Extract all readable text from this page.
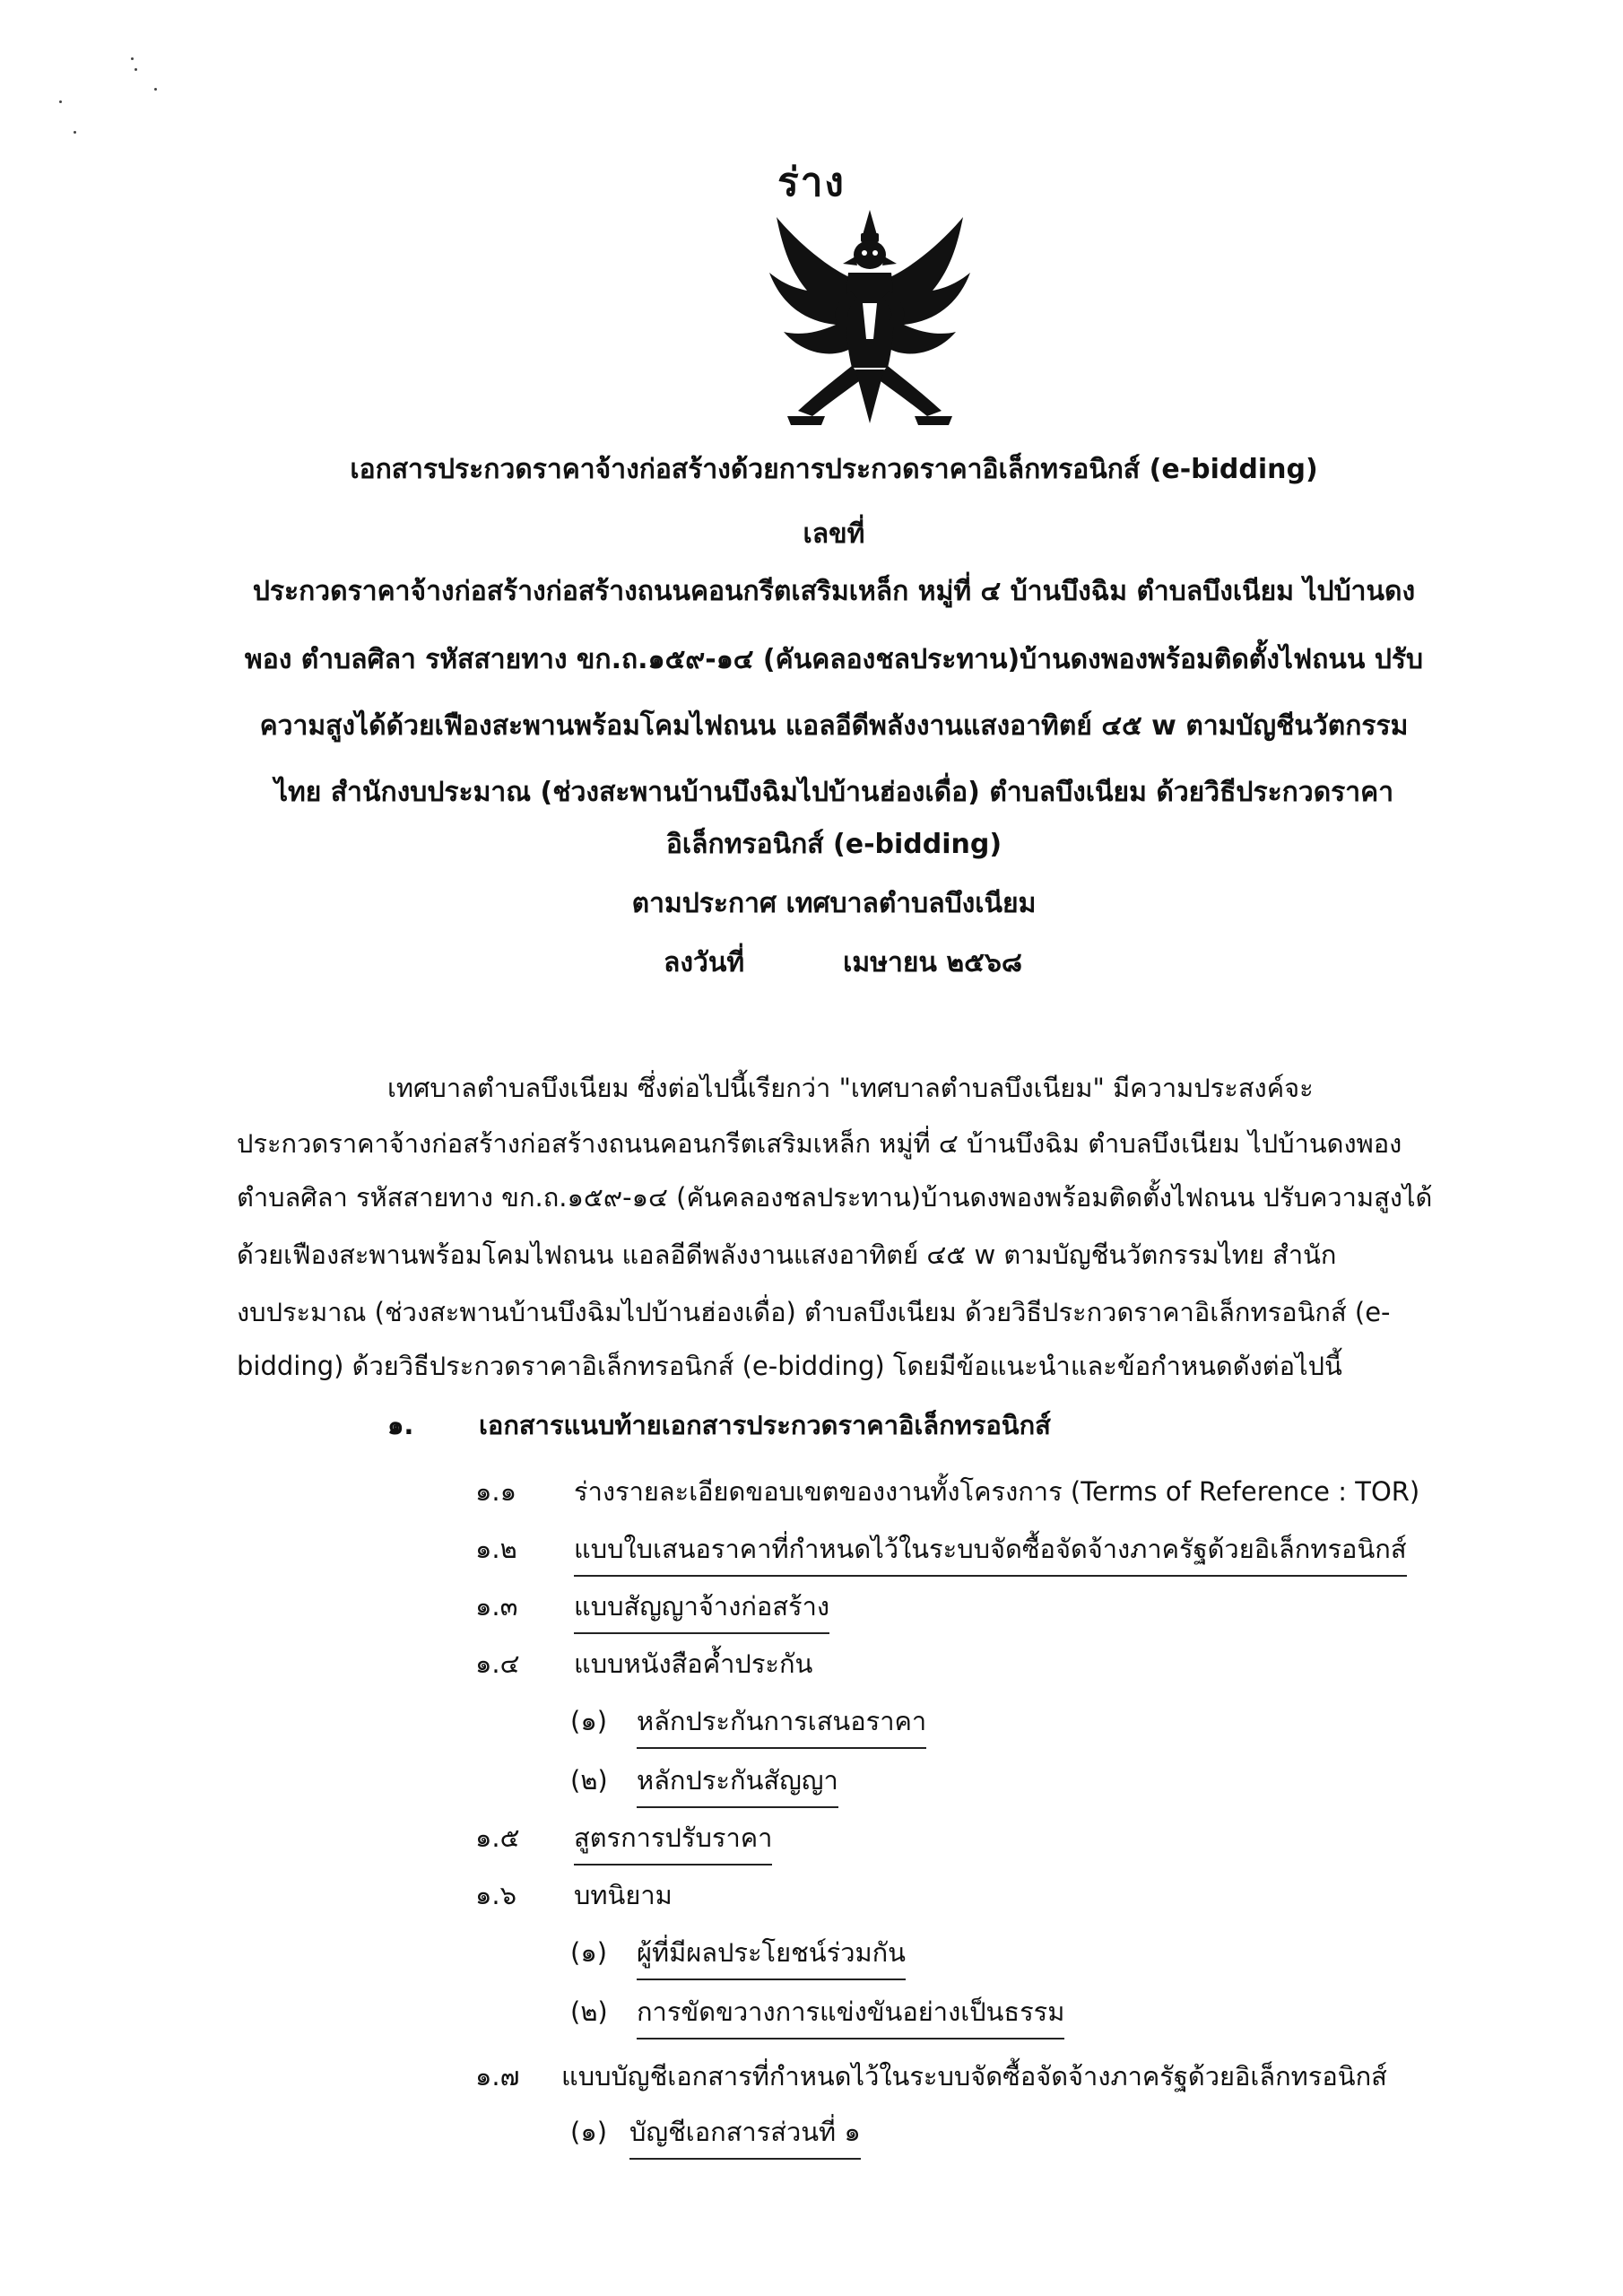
ร่าง
เอกสารประกวดราคาจ้างก่อสร้างด้วยการประกวดราคาอิเล็กทรอนิกส์ (e-bidding)
เลขที่
ประกวดราคาจ้างก่อสร้างก่อสร้างถนนคอนกรีตเสริมเหล็ก หมู่ที่ ๔ บ้านบึงฉิม ตำบลบึงเนียม ไปบ้านดง
พอง ตำบลศิลา รหัสสายทาง ขก.ถ.๑๕๙-๑๔ (คันคลองชลประทาน)บ้านดงพองพร้อมติดตั้งไฟถนน ปรับ
ความสูงได้ด้วยเฟืองสะพานพร้อมโคมไฟถนน แอลอีดีพลังงานแสงอาทิตย์ ๔๕ w ตามบัญชีนวัตกรรม
ไทย สำนักงบประมาณ (ช่วงสะพานบ้านบึงฉิมไปบ้านฮ่องเดื่อ) ตำบลบึงเนียม ด้วยวิธีประกวดราคา
อิเล็กทรอนิกส์ (e-bidding)
ตามประกาศ เทศบาลตำบลบึงเนียม
ลงวันที่	เมษายน ๒๕๖๘
เทศบาลตำบลบึงเนียม ซึ่งต่อไปนี้เรียกว่า "เทศบาลตำบลบึงเนียม" มีความประสงค์จะ
ประกวดราคาจ้างก่อสร้างก่อสร้างถนนคอนกรีตเสริมเหล็ก หมู่ที่ ๔ บ้านบึงฉิม ตำบลบึงเนียม ไปบ้านดงพอง
ตำบลศิลา รหัสสายทาง ขก.ถ.๑๕๙-๑๔ (คันคลองชลประทาน)บ้านดงพองพร้อมติดตั้งไฟถนน ปรับความสูงได้
ด้วยเฟืองสะพานพร้อมโคมไฟถนน แอลอีดีพลังงานแสงอาทิตย์ ๔๕ w ตามบัญชีนวัตกรรมไทย สำนัก
งบประมาณ (ช่วงสะพานบ้านบึงฉิมไปบ้านฮ่องเดื่อ) ตำบลบึงเนียม ด้วยวิธีประกวดราคาอิเล็กทรอนิกส์ (e-
bidding) ด้วยวิธีประกวดราคาอิเล็กทรอนิกส์ (e-bidding) โดยมีข้อแนะนำและข้อกำหนดดังต่อไปนี้
๑.	เอกสารแนบท้ายเอกสารประกวดราคาอิเล็กทรอนิกส์
๑.๑ ร่างรายละเอียดขอบเขตของงานทั้งโครงการ (Terms of Reference : TOR)
๑.๒ แบบใบเสนอราคาที่กำหนดไว้ในระบบจัดซื้อจัดจ้างภาครัฐด้วยอิเล็กทรอนิกส์
๑.๓ แบบสัญญาจ้างก่อสร้าง
๑.๔ แบบหนังสือค้ำประกัน
(๑) หลักประกันการเสนอราคา
(๒) หลักประกันสัญญา
๑.๕ สูตรการปรับราคา
๑.๖ บทนิยาม
(๑) ผู้ที่มีผลประโยชน์ร่วมกัน
(๒) การขัดขวางการแข่งขันอย่างเป็นธรรม
๑.๗ แบบบัญชีเอกสารที่กำหนดไว้ในระบบจัดซื้อจัดจ้างภาครัฐด้วยอิเล็กทรอนิกส์
(๑) บัญชีเอกสารส่วนที่ ๑
